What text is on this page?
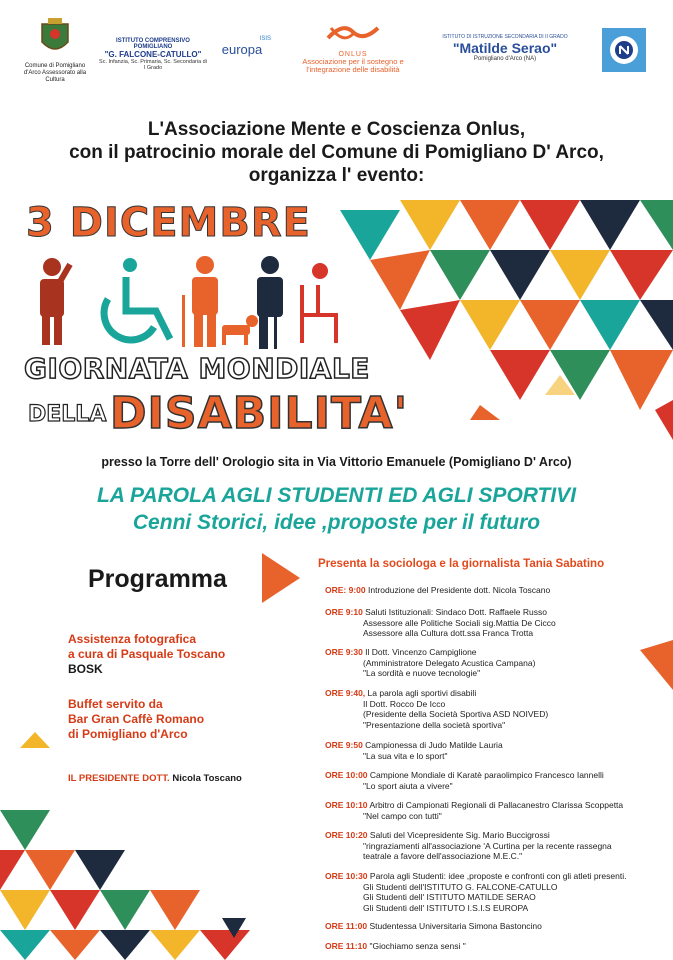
Comune di Pomigliano d'Arco Assessorato alla Cultura
ISTITUTO COMPRENSIVO POMIGLIANO
"G. FALCONE-CATULLO"
Sc. Infanzia, Sc. Primaria, Sc. Secondaria di I Grado
ISIS
europa	ONLUS
Associazione per il sostegno e l'integrazione delle disabilità
ISTITUTO DI ISTRUZIONE SECONDARIA DI II GRADO
"Matilde Serao"
Pomigliano d'Arco (NA)
L'Associazione Mente e Coscienza Onlus,
con il patrocinio morale del Comune di Pomigliano D' Arco,
organizza l' evento:
3 DICEMBRE
GIORNATA MONDIALE
DELLA DISABILITA'
presso la Torre dell' Orologio sita in Via Vittorio Emanuele (Pomigliano D' Arco)
LA PAROLA AGLI STUDENTI ED AGLI SPORTIVI
Cenni Storici, idee ,proposte per il futuro
Programma
Presenta la sociologa e la giornalista Tania Sabatino
Assistenza fotografica
a cura di Pasquale Toscano
BOSK
Buffet servito da
Bar Gran Caffè Romano
di Pomigliano d'Arco
IL PRESIDENTE DOTT. Nicola Toscano
ORE: 9:00 Introduzione del Presidente dott. Nicola Toscano
ORE 9:10 Saluti Istituzionali: Sindaco Dott. Raffaele Russo
Assessore alle Politiche Sociali sig.Mattia De Cicco
Assessore alla Cultura dott.ssa Franca Trotta
ORE 9:30 Il Dott. Vincenzo Campiglione
(Amministratore Delegato Acustica Campana)
"La sordità e nuove tecnologie"
ORE 9:40, La parola agli sportivi disabili
Il Dott. Rocco De Icco
(Presidente della Società Sportiva ASD NOIVED)
"Presentazione della società sportiva"
ORE 9:50 Campionessa di Judo Matilde Lauria
"La sua vita e lo sport"
ORE 10:00 Campione Mondiale di Karatè paraolimpico Francesco Iannelli
"Lo sport aiuta a vivere"
ORE 10:10 Arbitro di Campionati Regionali di Pallacanestro Clarissa Scoppetta
"Nel campo con tutti"
ORE 10:20 Saluti del Vicepresidente Sig. Mario Buccigrossi
"ringraziamenti all'associazione 'A Curtina per la recente rassegna
teatrale a favore dell'associazione M.E.C."
ORE 10:30 Parola agli Studenti: idee ,proposte e confronti con gli atleti presenti.
Gli Studenti dell'ISTITUTO G. FALCONE-CATULLO
Gli Studenti dell' ISTITUTO MATILDE SERAO
Gli Studenti dell' ISTITUTO I.S.I.S EUROPA
ORE 11:00 Studentessa Universitaria Simona Bastoncino
ORE 11:10 "Giochiamo senza sensi "
